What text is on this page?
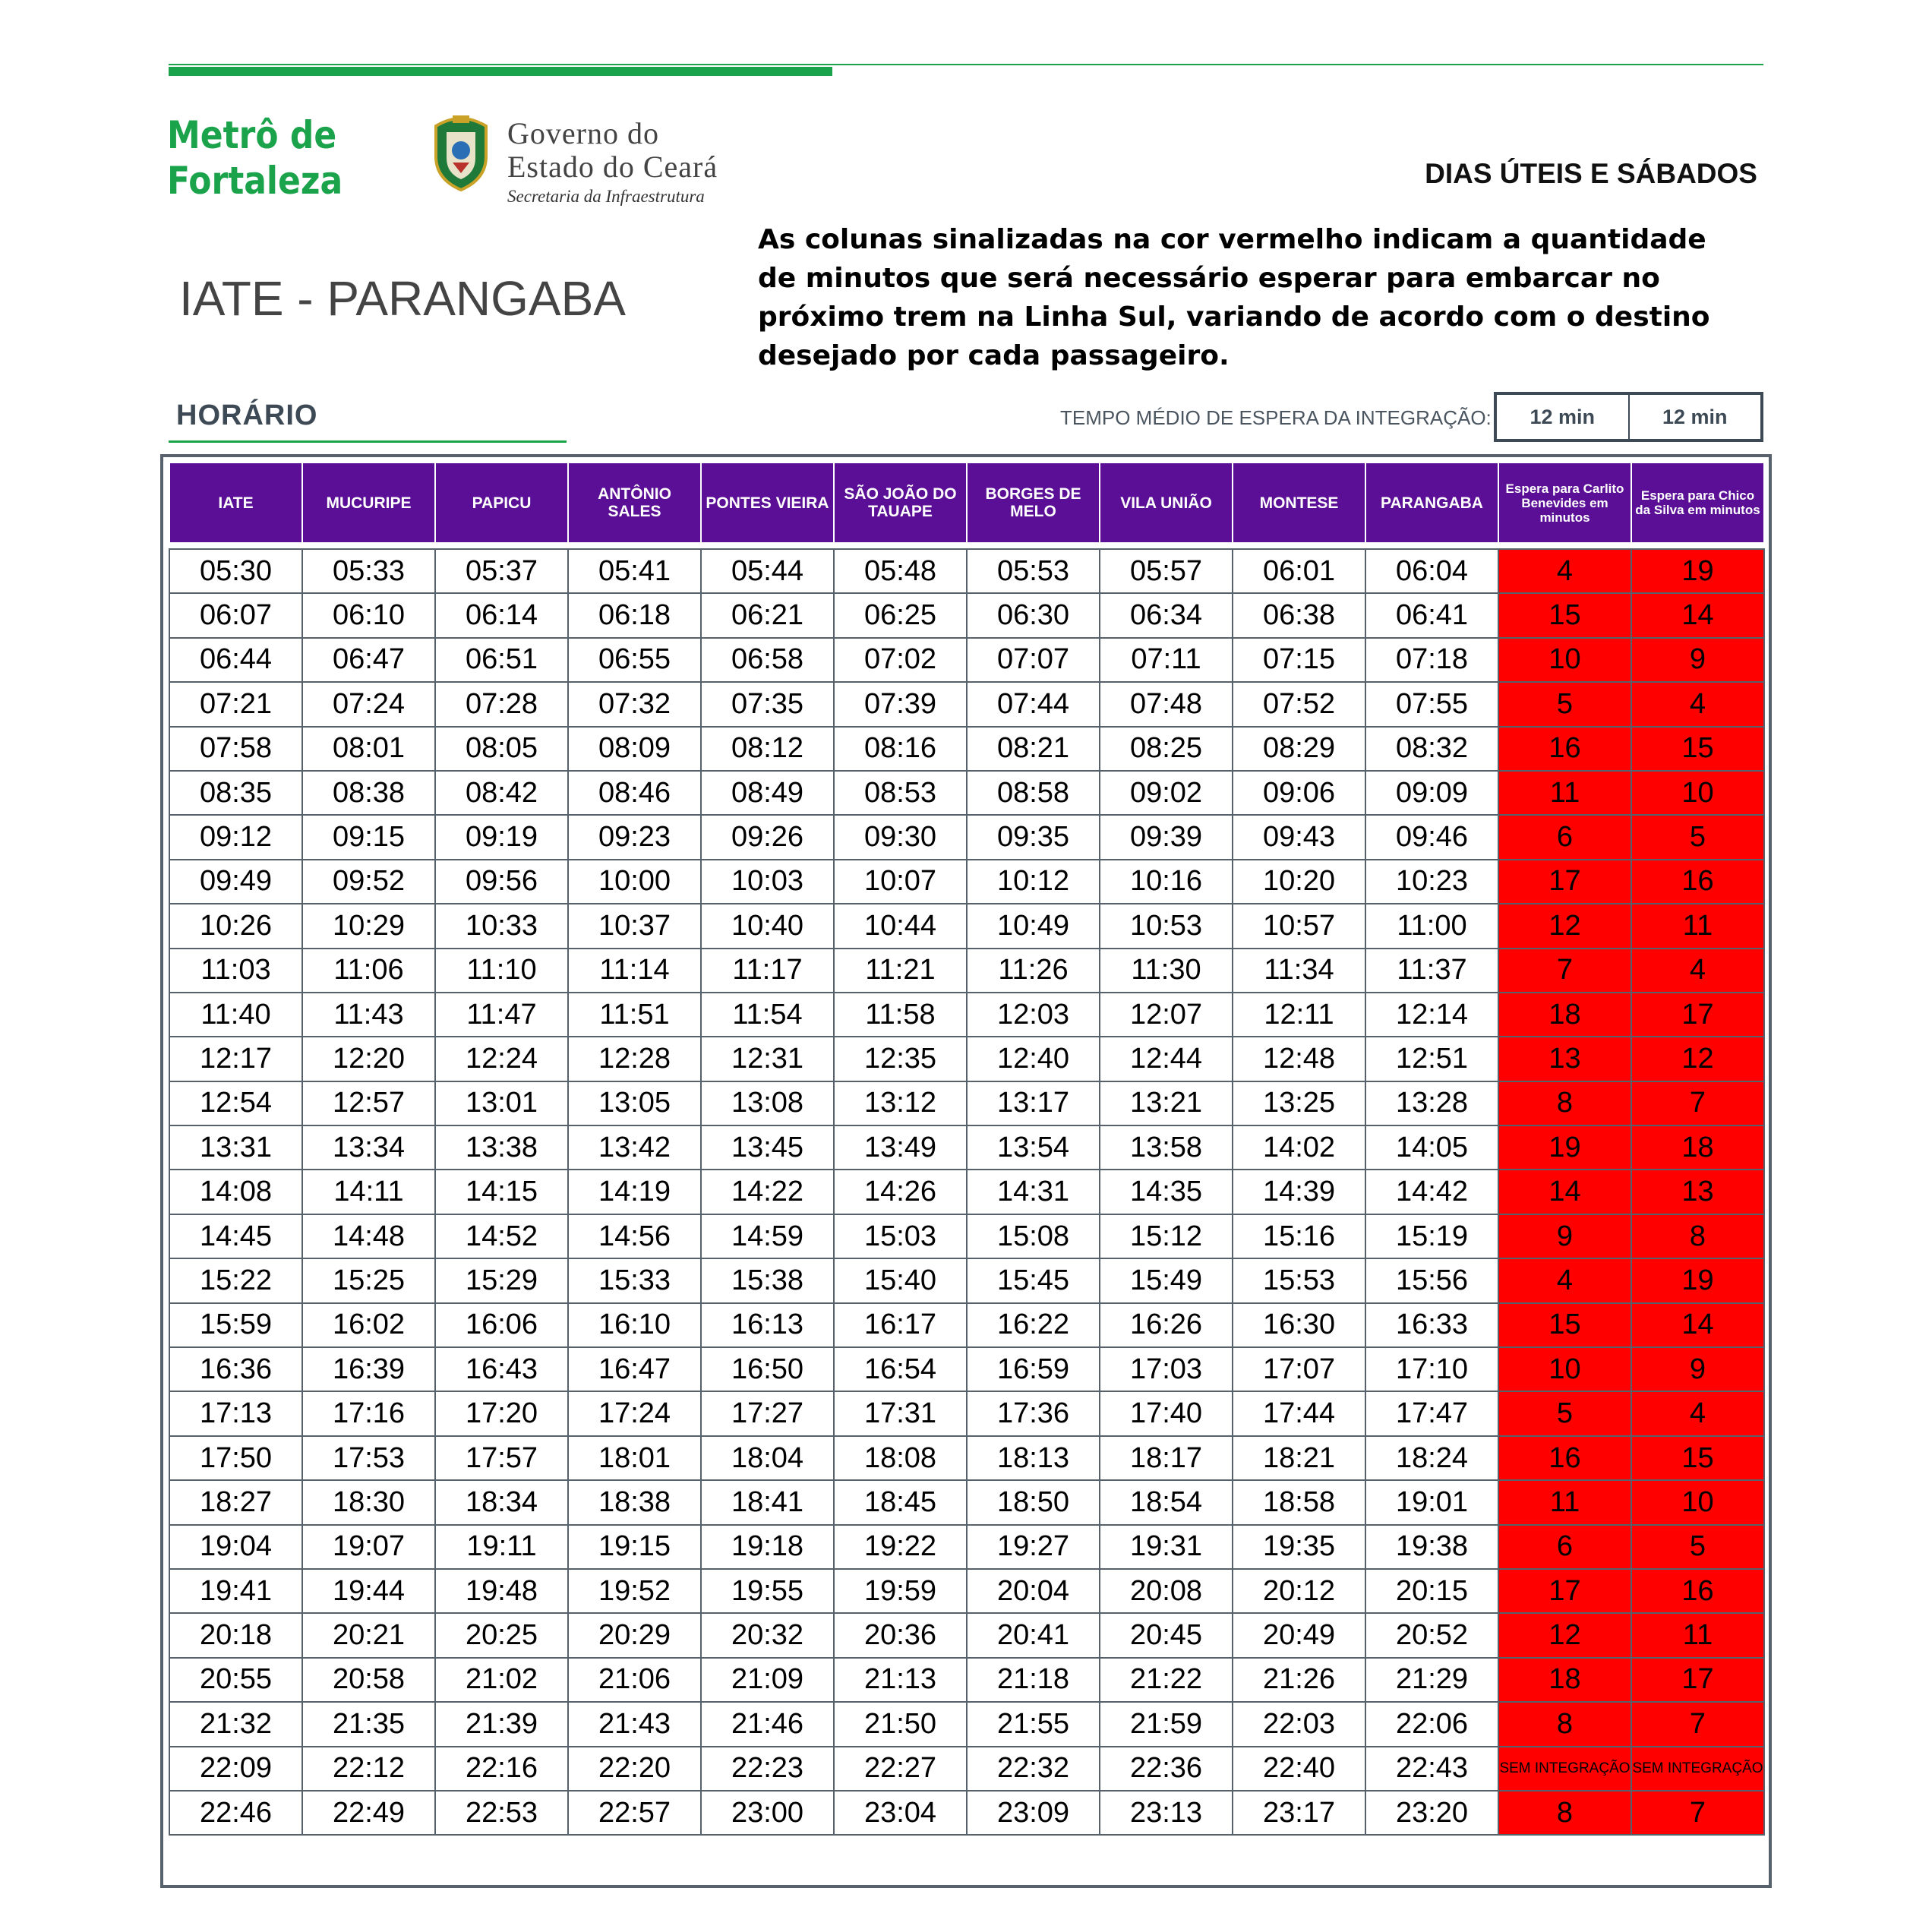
Metrô de
Fortaleza
Governo do
Estado do Ceará
Secretaria da Infraestrutura
DIAS ÚTEIS E SÁBADOS
IATE - PARANGABA
As colunas sinalizadas na cor vermelho indicam a quantidade de minutos que será necessário esperar para embarcar no próximo trem na Linha Sul, variando de acordo com o destino desejado por cada passageiro.
HORÁRIO	TEMPO MÉDIO DE ESPERA DA INTEGRAÇÃO:	12 min	12 min
IATE	MUCURIPE	PAPICU	ANTÔNIO SALES	PONTES VIEIRA	SÃO JOÃO DO TAUAPE	BORGES DE MELO	VILA UNIÃO	MONTESE	PARANGABA	Espera para Carlito Benevides em minutos	Espera para Chico da Silva em minutos

05:30	05:33	05:37	05:41	05:44	05:48	05:53	05:57	06:01	06:04	4	19
06:07	06:10	06:14	06:18	06:21	06:25	06:30	06:34	06:38	06:41	15	14
06:44	06:47	06:51	06:55	06:58	07:02	07:07	07:11	07:15	07:18	10	9
07:21	07:24	07:28	07:32	07:35	07:39	07:44	07:48	07:52	07:55	5	4
07:58	08:01	08:05	08:09	08:12	08:16	08:21	08:25	08:29	08:32	16	15
08:35	08:38	08:42	08:46	08:49	08:53	08:58	09:02	09:06	09:09	11	10
09:12	09:15	09:19	09:23	09:26	09:30	09:35	09:39	09:43	09:46	6	5
09:49	09:52	09:56	10:00	10:03	10:07	10:12	10:16	10:20	10:23	17	16
10:26	10:29	10:33	10:37	10:40	10:44	10:49	10:53	10:57	11:00	12	11
11:03	11:06	11:10	11:14	11:17	11:21	11:26	11:30	11:34	11:37	7	4
11:40	11:43	11:47	11:51	11:54	11:58	12:03	12:07	12:11	12:14	18	17
12:17	12:20	12:24	12:28	12:31	12:35	12:40	12:44	12:48	12:51	13	12
12:54	12:57	13:01	13:05	13:08	13:12	13:17	13:21	13:25	13:28	8	7
13:31	13:34	13:38	13:42	13:45	13:49	13:54	13:58	14:02	14:05	19	18
14:08	14:11	14:15	14:19	14:22	14:26	14:31	14:35	14:39	14:42	14	13
14:45	14:48	14:52	14:56	14:59	15:03	15:08	15:12	15:16	15:19	9	8
15:22	15:25	15:29	15:33	15:38	15:40	15:45	15:49	15:53	15:56	4	19
15:59	16:02	16:06	16:10	16:13	16:17	16:22	16:26	16:30	16:33	15	14
16:36	16:39	16:43	16:47	16:50	16:54	16:59	17:03	17:07	17:10	10	9
17:13	17:16	17:20	17:24	17:27	17:31	17:36	17:40	17:44	17:47	5	4
17:50	17:53	17:57	18:01	18:04	18:08	18:13	18:17	18:21	18:24	16	15
18:27	18:30	18:34	18:38	18:41	18:45	18:50	18:54	18:58	19:01	11	10
19:04	19:07	19:11	19:15	19:18	19:22	19:27	19:31	19:35	19:38	6	5
19:41	19:44	19:48	19:52	19:55	19:59	20:04	20:08	20:12	20:15	17	16
20:18	20:21	20:25	20:29	20:32	20:36	20:41	20:45	20:49	20:52	12	11
20:55	20:58	21:02	21:06	21:09	21:13	21:18	21:22	21:26	21:29	18	17
21:32	21:35	21:39	21:43	21:46	21:50	21:55	21:59	22:03	22:06	8	7
22:09	22:12	22:16	22:20	22:23	22:27	22:32	22:36	22:40	22:43	SEM INTEGRAÇÃO	SEM INTEGRAÇÃO
22:46	22:49	22:53	22:57	23:00	23:04	23:09	23:13	23:17	23:20	8	7
